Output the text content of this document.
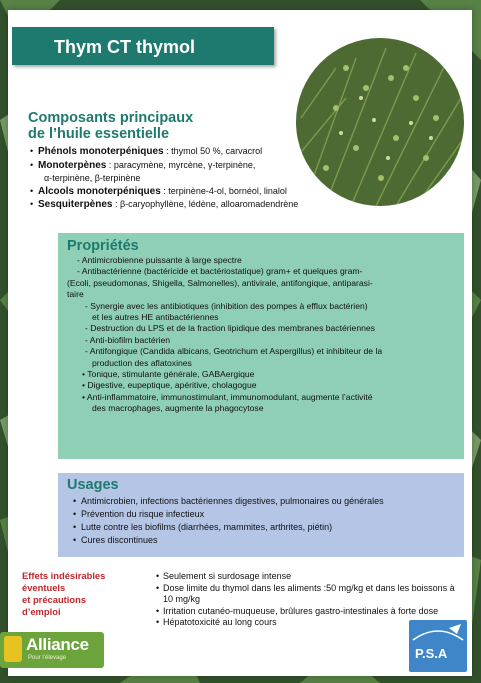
Thym CT thymol
Composants principaux
de l’huile essentielle
• Phénols monoterpéniques : thymol 50 %, carvacrol
• Monoterpènes : paracymène, myrcène, γ-terpinène,
α-terpinène, β-terpinène
• Alcools monoterpéniques : terpinène-4-ol, bornéol, linalol
• Sesquiterpènes : β-caryophyllène, lédène, alloaromadendrène
Propriétés
- Antimicrobienne puissante à large spectre
- Antibactérienne (bactéricide et bactériostatique) gram+ et quelques gram-
(Ecoli, pseudomonas, Shigella, Salmonelles), antivirale, antifongique, antiparasi-
taire
- Synergie avec les antibiotiques (inhibition des pompes à efflux bactérien)
et les autres HE antibactériennes
- Destruction du LPS et de la fraction lipidique des membranes bactériennes
- Anti-biofilm bactérien
- Antifongique (Candida albicans, Geotrichum et Aspergillus) et inhibiteur de la
production des aflatoxines
• Tonique, stimulante générale, GABAergique
• Digestive, eupeptique, apéritive, cholagogue
• Anti-inflammatoire, immunostimulant, immunomodulant, augmente l’activité
des macrophages, augmente la phagocytose
Usages
• Antimicrobien, infections bactériennes digestives, pulmonaires ou générales
• Prévention du risque infectieux
• Lutte contre les biofilms (diarrhées, mammites, arthrites, piétin)
• Cures discontinues
Effets indésirables
éventuels
et précautions
d’emploi
• Seulement si surdosage intense
• Dose limite du thymol dans les aliments :50 mg/kg et dans les boissons à 10 mg/kg
• Irritation cutanéo-muqueuse, brûlures gastro-intestinales à forte dose
• Hépatotoxicité au long cours
Alliance
Pour l’élevage	P.S.A
